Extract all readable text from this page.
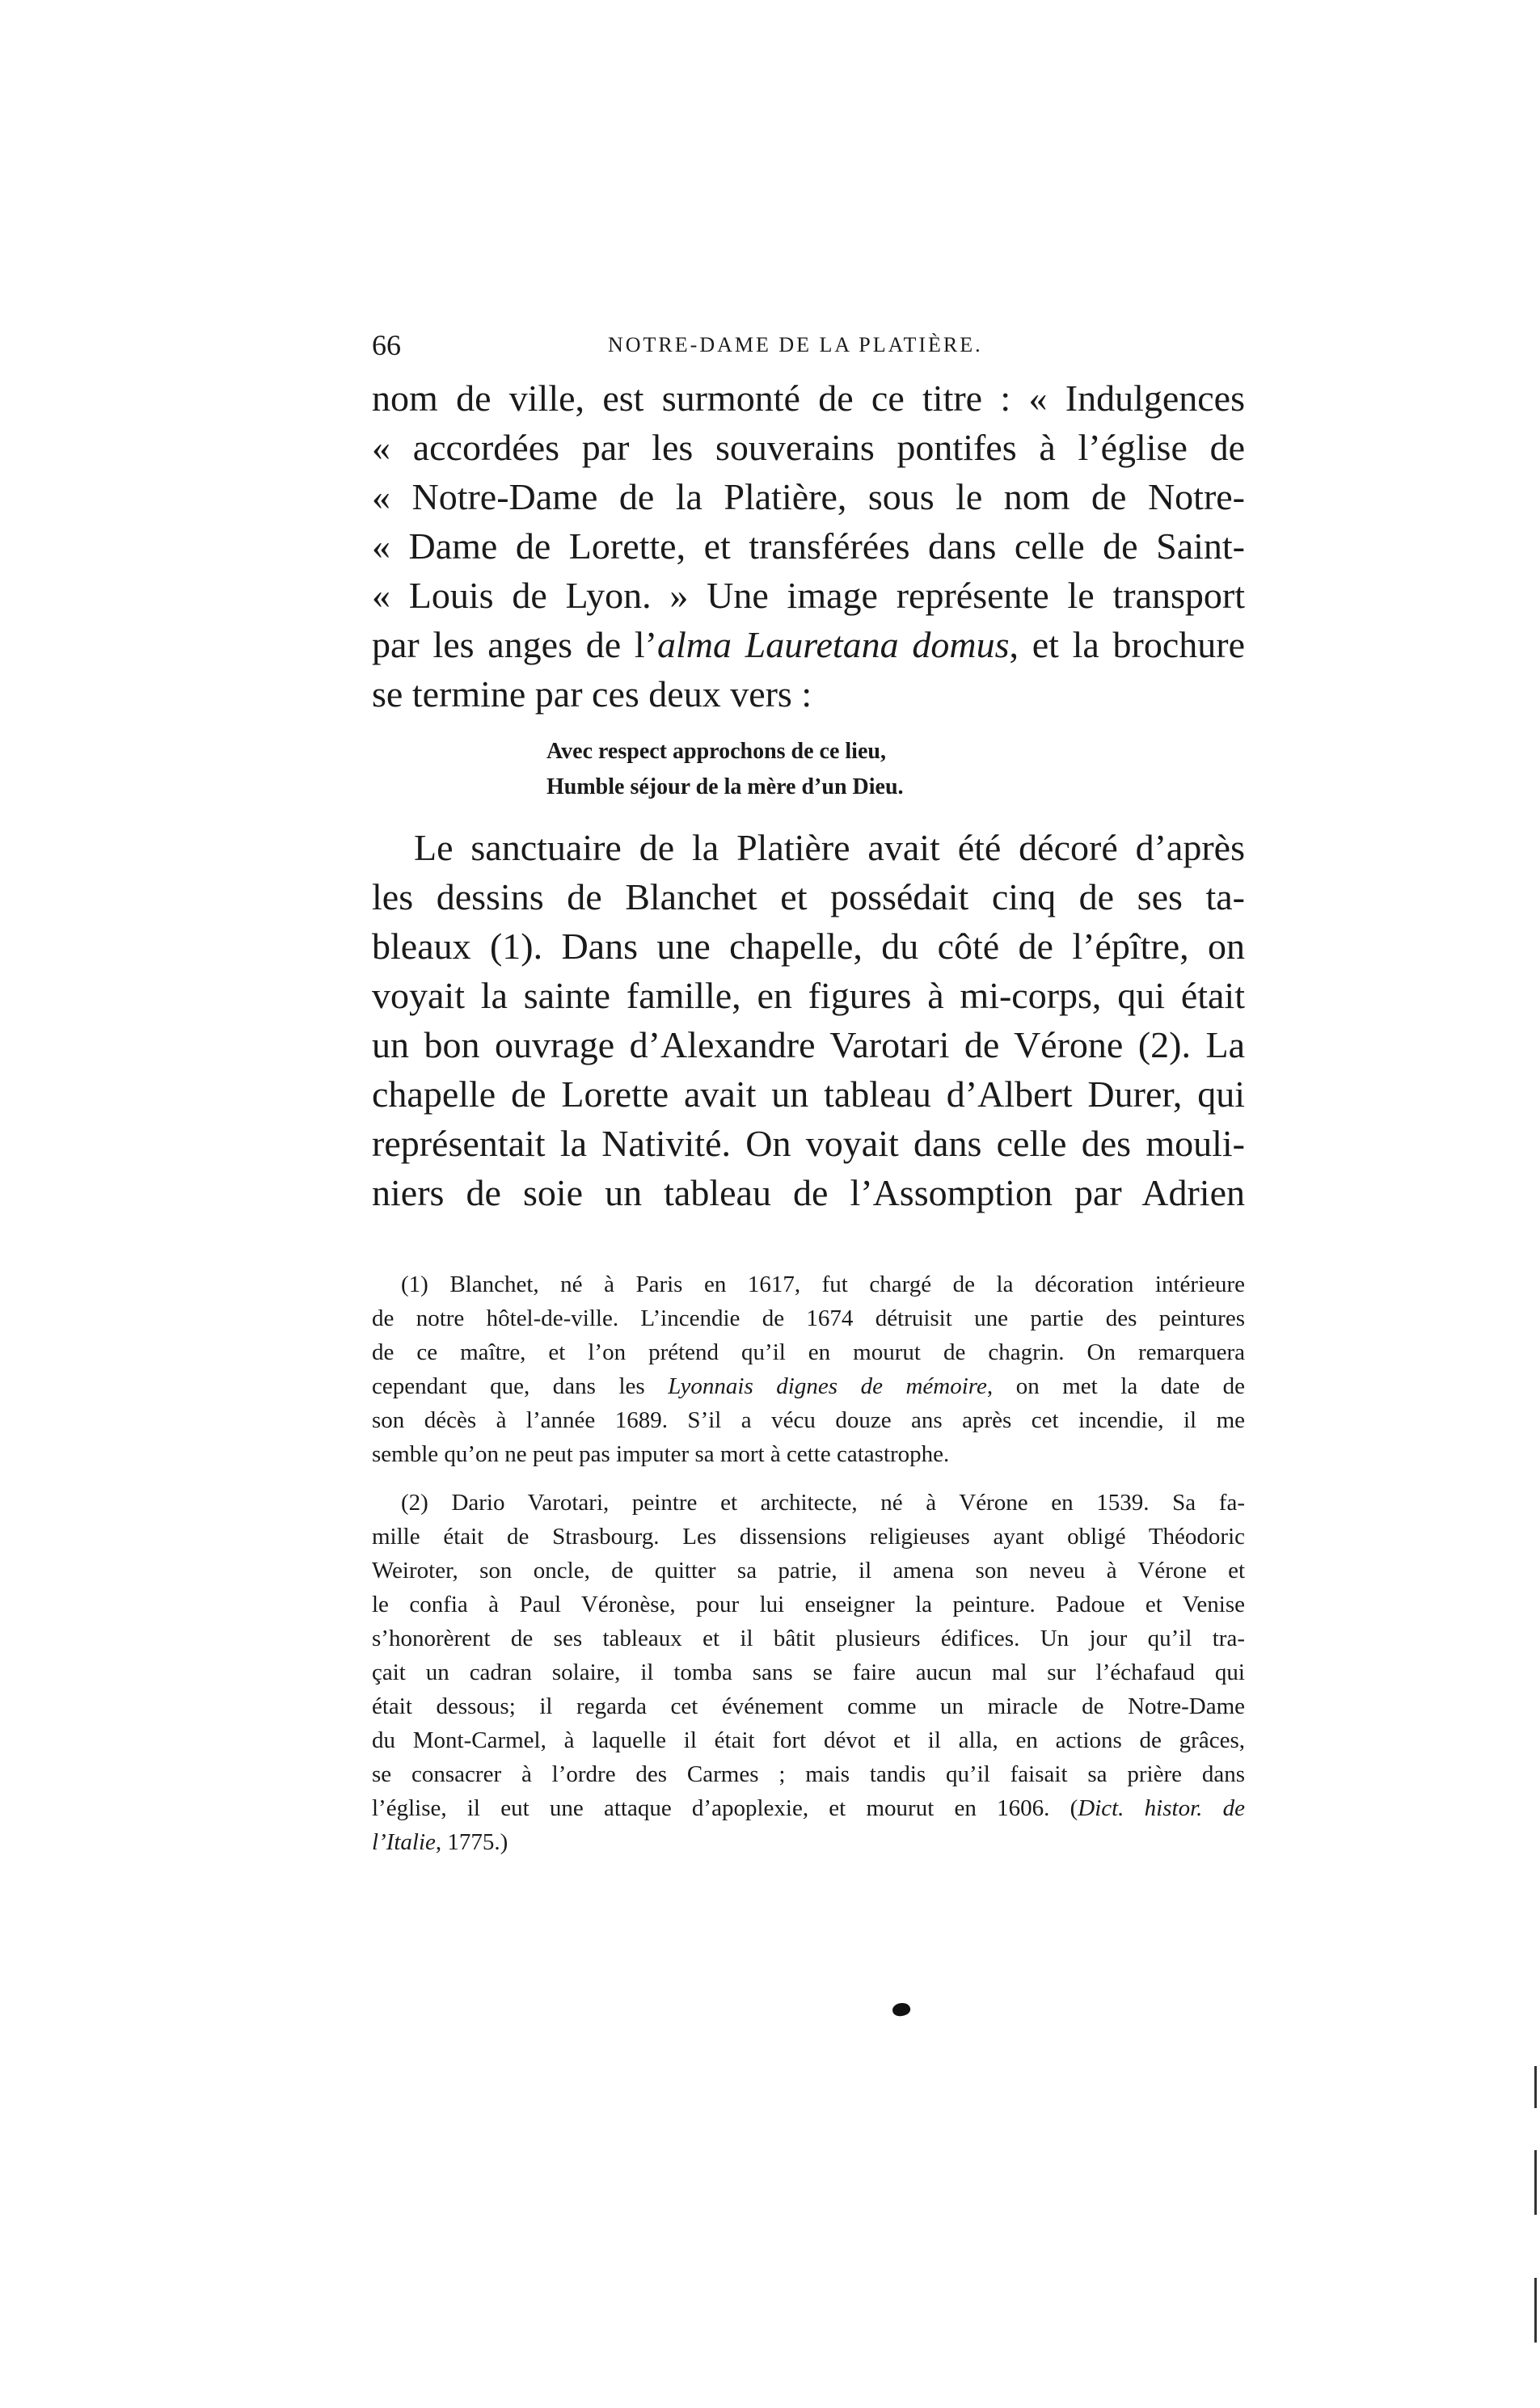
66	NOTRE-DAME DE LA PLATIÈRE.
nom de ville, est surmonté de ce titre : « Indulgences
« accordées par les souverains pontifes à l’église de
« Notre-Dame de la Platière, sous le nom de Notre-
« Dame de Lorette, et transférées dans celle de Saint-
« Louis de Lyon. » Une image représente le transport
par les anges de l’alma Lauretana domus, et la brochure
se termine par ces deux vers :
Avec respect approchons de ce lieu,
Humble séjour de la mère d’un Dieu.
Le sanctuaire de la Platière avait été décoré d’après
les dessins de Blanchet et possédait cinq de ses ta-
bleaux (1). Dans une chapelle, du côté de l’épître, on
voyait la sainte famille, en figures à mi-corps, qui était
un bon ouvrage d’Alexandre Varotari de Vérone (2). La
chapelle de Lorette avait un tableau d’Albert Durer, qui
représentait la Nativité. On voyait dans celle des mouli-
niers de soie un tableau de l’Assomption par Adrien
(1) Blanchet, né à Paris en 1617, fut chargé de la décoration intérieure
de notre hôtel-de-ville. L’incendie de 1674 détruisit une partie des peintures
de ce maître, et l’on prétend qu’il en mourut de chagrin. On remarquera
cependant que, dans les Lyonnais dignes de mémoire, on met la date de
son décès à l’année 1689. S’il a vécu douze ans après cet incendie, il me
semble qu’on ne peut pas imputer sa mort à cette catastrophe.
(2) Dario Varotari, peintre et architecte, né à Vérone en 1539. Sa fa-
mille était de Strasbourg. Les dissensions religieuses ayant obligé Théodoric
Weiroter, son oncle, de quitter sa patrie, il amena son neveu à Vérone et
le confia à Paul Véronèse, pour lui enseigner la peinture. Padoue et Venise
s’honorèrent de ses tableaux et il bâtit plusieurs édifices. Un jour qu’il tra-
çait un cadran solaire, il tomba sans se faire aucun mal sur l’échafaud qui
était dessous; il regarda cet événement comme un miracle de Notre-Dame
du Mont-Carmel, à laquelle il était fort dévot et il alla, en actions de grâces,
se consacrer à l’ordre des Carmes ; mais tandis qu’il faisait sa prière dans
l’église, il eut une attaque d’apoplexie, et mourut en 1606. (Dict. histor. de
l’Italie, 1775.)
